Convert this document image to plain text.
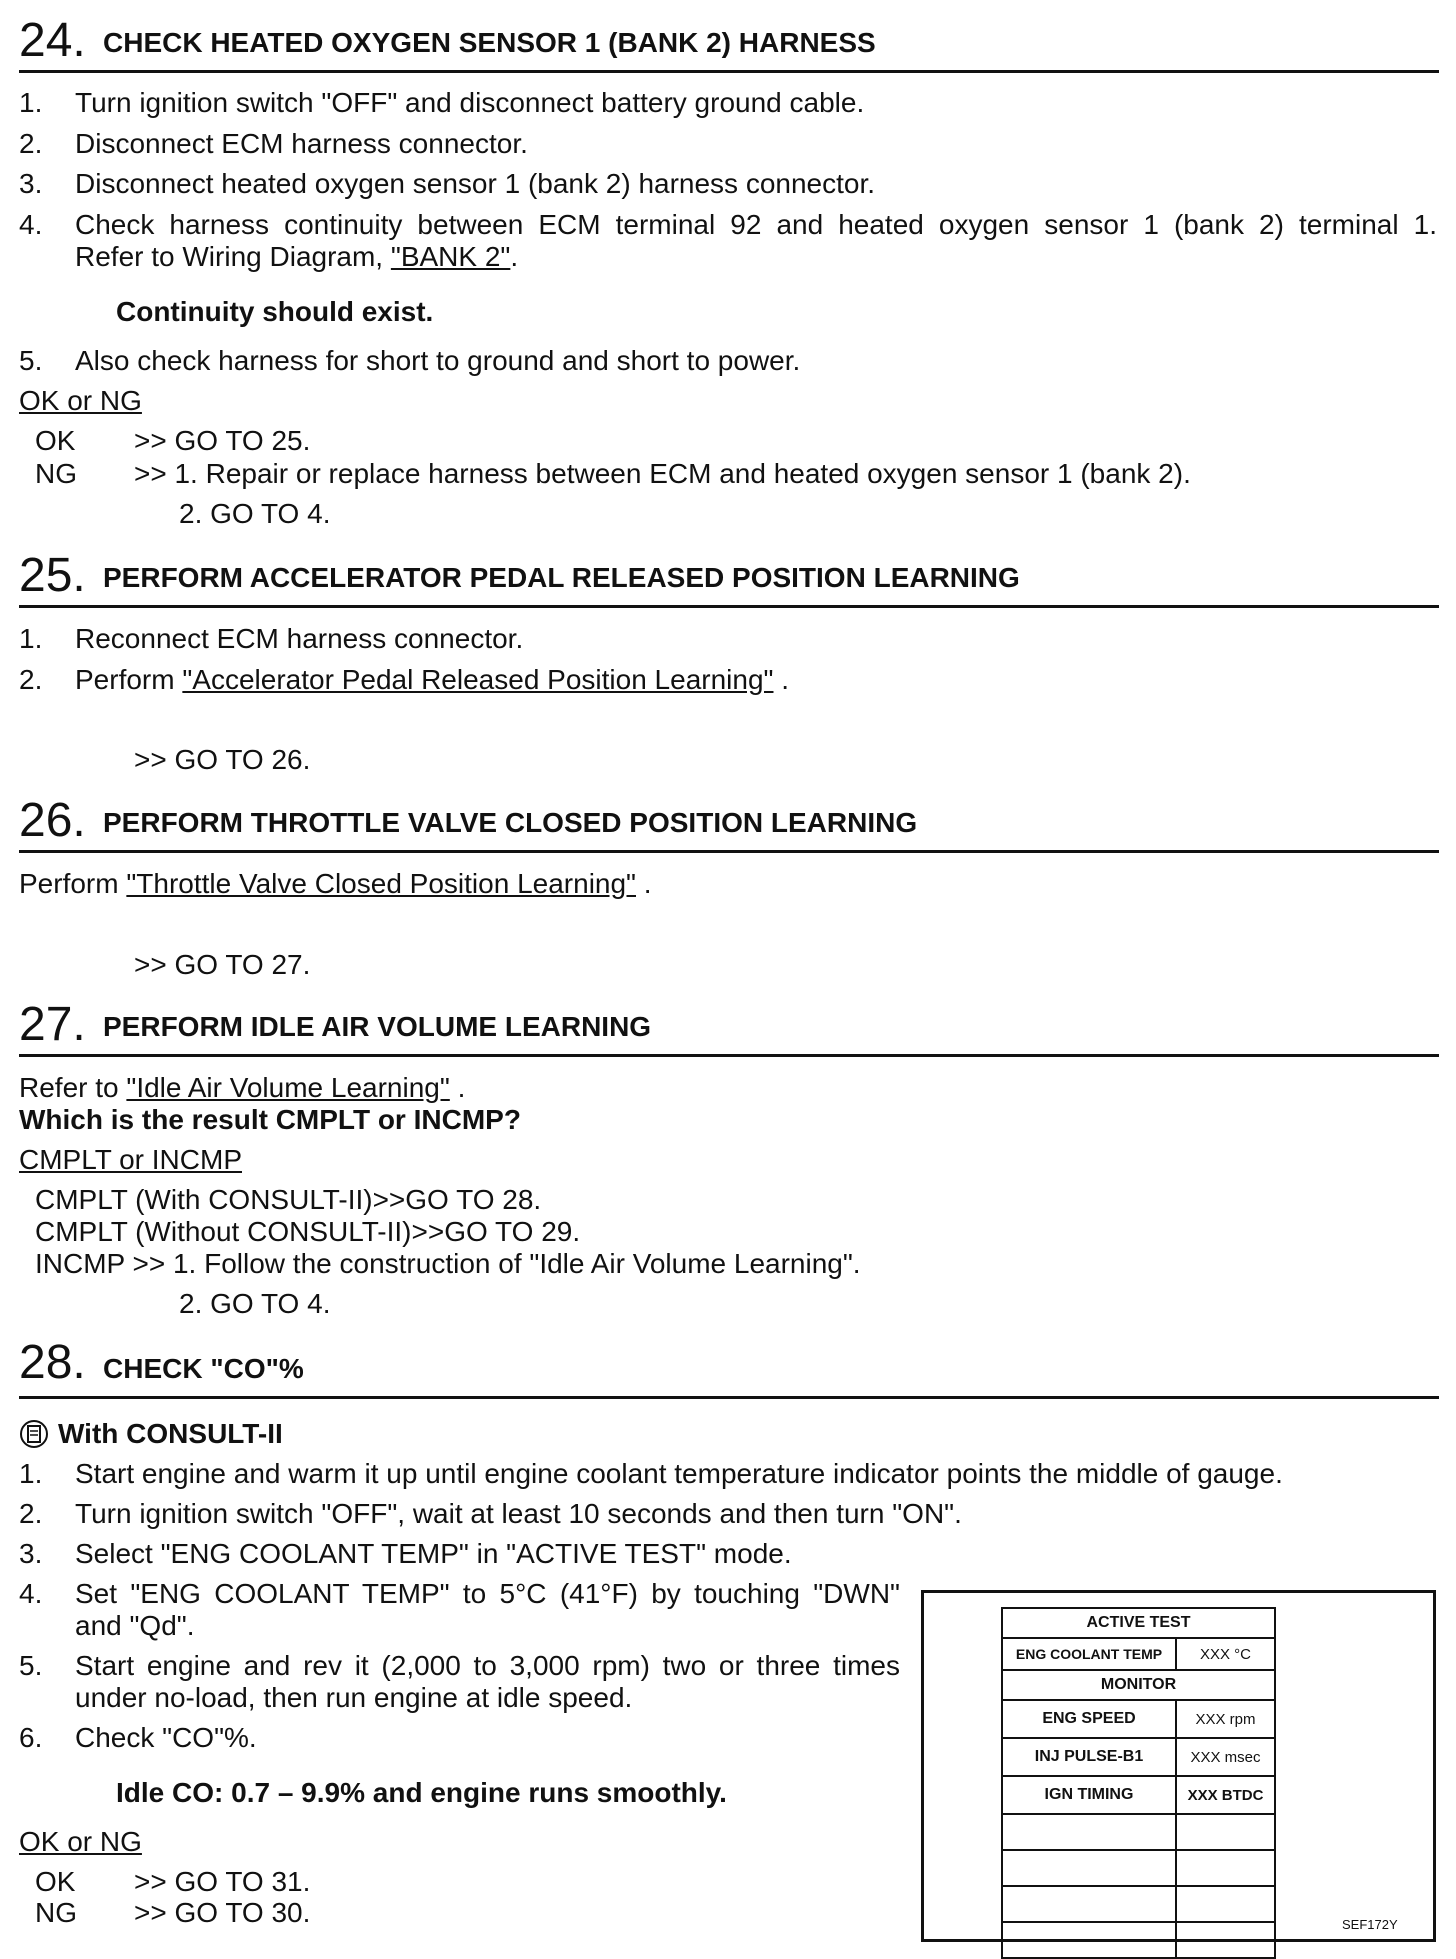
24. CHECK HEATED OXYGEN SENSOR 1 (BANK 2) HARNESS
1. Turn ignition switch "OFF" and disconnect battery ground cable.
2. Disconnect ECM harness connector.
3. Disconnect heated oxygen sensor 1 (bank 2) harness connector.
4. Check harness continuity between ECM terminal 92 and heated oxygen sensor 1 (bank 2) terminal 1.
Refer to Wiring Diagram, "BANK 2".
Continuity should exist.
5. Also check harness for short to ground and short to power.
OK or NG
OK >> GO TO 25.
NG >> 1. Repair or replace harness between ECM and heated oxygen sensor 1 (bank 2).
2. GO TO 4.
25. PERFORM ACCELERATOR PEDAL RELEASED POSITION LEARNING
1. Reconnect ECM harness connector.
2. Perform "Accelerator Pedal Released Position Learning" .
>> GO TO 26.
26. PERFORM THROTTLE VALVE CLOSED POSITION LEARNING
Perform "Throttle Valve Closed Position Learning" .
>> GO TO 27.
27. PERFORM IDLE AIR VOLUME LEARNING
Refer to "Idle Air Volume Learning" .
Which is the result CMPLT or INCMP?
CMPLT or INCMP
CMPLT (With CONSULT-II)>>GO TO 28.
CMPLT (Without CONSULT-II)>>GO TO 29.
INCMP >> 1. Follow the construction of "Idle Air Volume Learning".
2. GO TO 4.
28. CHECK "CO"%
With CONSULT-II
1. Start engine and warm it up until engine coolant temperature indicator points the middle of gauge.
2. Turn ignition switch "OFF", wait at least 10 seconds and then turn "ON".
3. Select "ENG COOLANT TEMP" in "ACTIVE TEST" mode.
4. Set "ENG COOLANT TEMP" to 5°C (41°F) by touching "DWN"
and "Qd".
5. Start engine and rev it (2,000 to 3,000 rpm) two or three times
under no-load, then run engine at idle speed.
6. Check "CO"%.
Idle CO: 0.7 – 9.9% and engine runs smoothly.
OK or NG
OK >> GO TO 31.
NG >> GO TO 30.
ACTIVE TEST	
ENG COOLANT TEMP	XXX °C
MONITOR	
ENG SPEED	XXX rpm
INJ PULSE-B1	XXX msec
IGN TIMING	XXX BTDC

SEF172Y
